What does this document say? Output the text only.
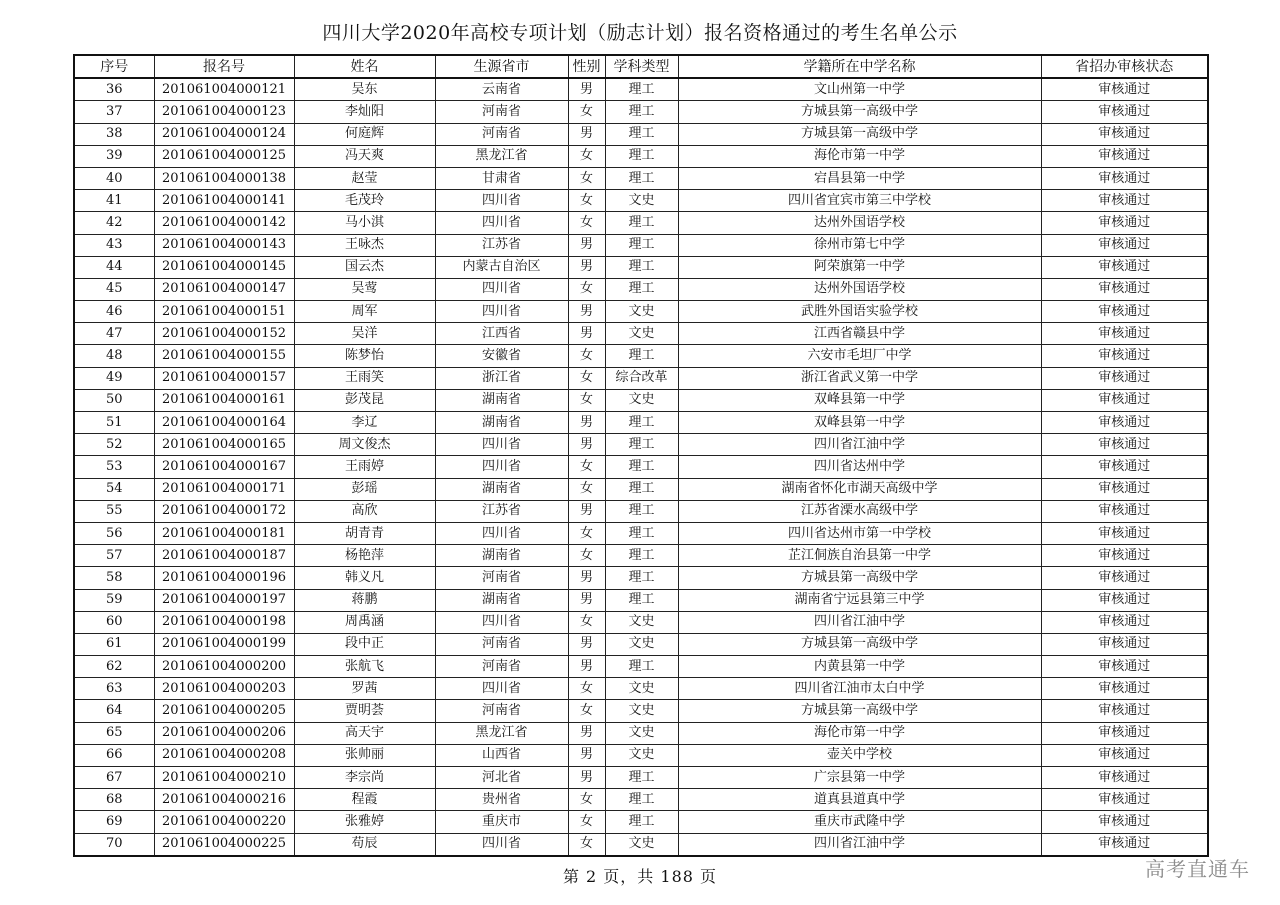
四川大学2020年高校专项计划（励志计划）报名资格通过的考生名单公示
序号	报名号	姓名	生源省市	性别	学科类型	学籍所在中学名称	省招办审核状态
36	201061004000121	吴东	云南省	男	理工	文山州第一中学	审核通过
37	201061004000123	李灿阳	河南省	女	理工	方城县第一高级中学	审核通过
38	201061004000124	何庭辉	河南省	男	理工	方城县第一高级中学	审核通过
39	201061004000125	冯天爽	黑龙江省	女	理工	海伦市第一中学	审核通过
40	201061004000138	赵莹	甘肃省	女	理工	宕昌县第一中学	审核通过
41	201061004000141	毛茂玲	四川省	女	文史	四川省宜宾市第三中学校	审核通过
42	201061004000142	马小淇	四川省	女	理工	达州外国语学校	审核通过
43	201061004000143	王咏杰	江苏省	男	理工	徐州市第七中学	审核通过
44	201061004000145	国云杰	内蒙古自治区	男	理工	阿荣旗第一中学	审核通过
45	201061004000147	吴莺	四川省	女	理工	达州外国语学校	审核通过
46	201061004000151	周军	四川省	男	文史	武胜外国语实验学校	审核通过
47	201061004000152	吴洋	江西省	男	文史	江西省赣县中学	审核通过
48	201061004000155	陈梦怡	安徽省	女	理工	六安市毛坦厂中学	审核通过
49	201061004000157	王雨笑	浙江省	女	综合改革	浙江省武义第一中学	审核通过
50	201061004000161	彭茂昆	湖南省	女	文史	双峰县第一中学	审核通过
51	201061004000164	李辽	湖南省	男	理工	双峰县第一中学	审核通过
52	201061004000165	周文俊杰	四川省	男	理工	四川省江油中学	审核通过
53	201061004000167	王雨婷	四川省	女	理工	四川省达州中学	审核通过
54	201061004000171	彭瑶	湖南省	女	理工	湖南省怀化市湖天高级中学	审核通过
55	201061004000172	高欣	江苏省	男	理工	江苏省溧水高级中学	审核通过
56	201061004000181	胡青青	四川省	女	理工	四川省达州市第一中学校	审核通过
57	201061004000187	杨艳萍	湖南省	女	理工	芷江侗族自治县第一中学	审核通过
58	201061004000196	韩义凡	河南省	男	理工	方城县第一高级中学	审核通过
59	201061004000197	蒋鹏	湖南省	男	理工	湖南省宁远县第三中学	审核通过
60	201061004000198	周禹涵	四川省	女	文史	四川省江油中学	审核通过
61	201061004000199	段中正	河南省	男	文史	方城县第一高级中学	审核通过
62	201061004000200	张航飞	河南省	男	理工	内黄县第一中学	审核通过
63	201061004000203	罗茜	四川省	女	文史	四川省江油市太白中学	审核通过
64	201061004000205	贾明荟	河南省	女	文史	方城县第一高级中学	审核通过
65	201061004000206	高天宇	黑龙江省	男	文史	海伦市第一中学	审核通过
66	201061004000208	张帅丽	山西省	男	文史	壶关中学校	审核通过
67	201061004000210	李宗尚	河北省	男	理工	广宗县第一中学	审核通过
68	201061004000216	程霞	贵州省	女	理工	道真县道真中学	审核通过
69	201061004000220	张雅婷	重庆市	女	理工	重庆市武隆中学	审核通过
70	201061004000225	苟辰	四川省	女	文史	四川省江油中学	审核通过
第 2 页，共 188 页	高考直通车
